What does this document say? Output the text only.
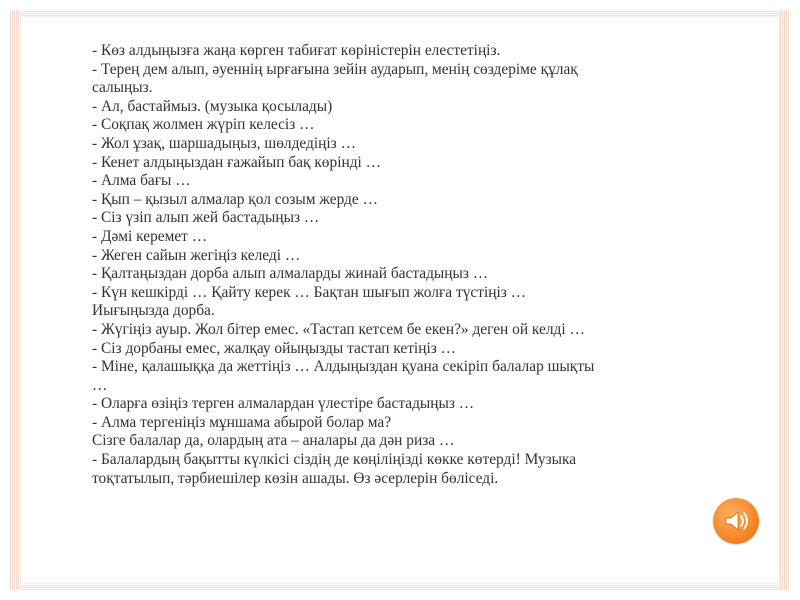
- Көз алдыңызға жаңа көрген табиғат көріністерін елестетіңіз.
- Терең дем алып, әуеннің ырғағына зейін аударып, менің сөздеріме құлақ
салыңыз.
- Ал, бастаймыз. (музыка қосылады)
- Соқпақ жолмен жүріп келесіз …
- Жол ұзақ, шаршадыңыз, шөлдедіңіз …
- Кенет алдыңыздан ғажайып бақ көрінді …
- Алма бағы …
- Қып – қызыл алмалар қол созым жерде …
- Сіз үзіп алып жей бастадыңыз …
- Дәмі керемет …
- Жеген сайын жегіңіз келеді …
- Қалтаңыздан дорба алып алмаларды жинай бастадыңыз …
- Күн кешкірді … Қайту керек … Бақтан шығып жолға түстіңіз …
Иығыңызда дорба.
- Жүгіңіз ауыр. Жол бітер емес. «Тастап кетсем бе екен?» деген ой келді …
- Сіз дорбаны емес, жалқау ойыңызды тастап кетіңіз …
- Міне, қалашыққа да жеттіңіз … Алдыңыздан қуана секіріп балалар шықты
…
- Оларға өзіңіз терген алмалардан үлестіре бастадыңыз …
- Алма тергеніңіз мұншама абырой болар ма?
Сізге балалар да, олардың ата – аналары да дән риза …
- Балалардың бақытты күлкісі сіздің де көңіліңізді көкке көтерді! Музыка
тоқтатылып, тәрбиешілер көзін ашады. Өз әсерлерін бөліседі.
